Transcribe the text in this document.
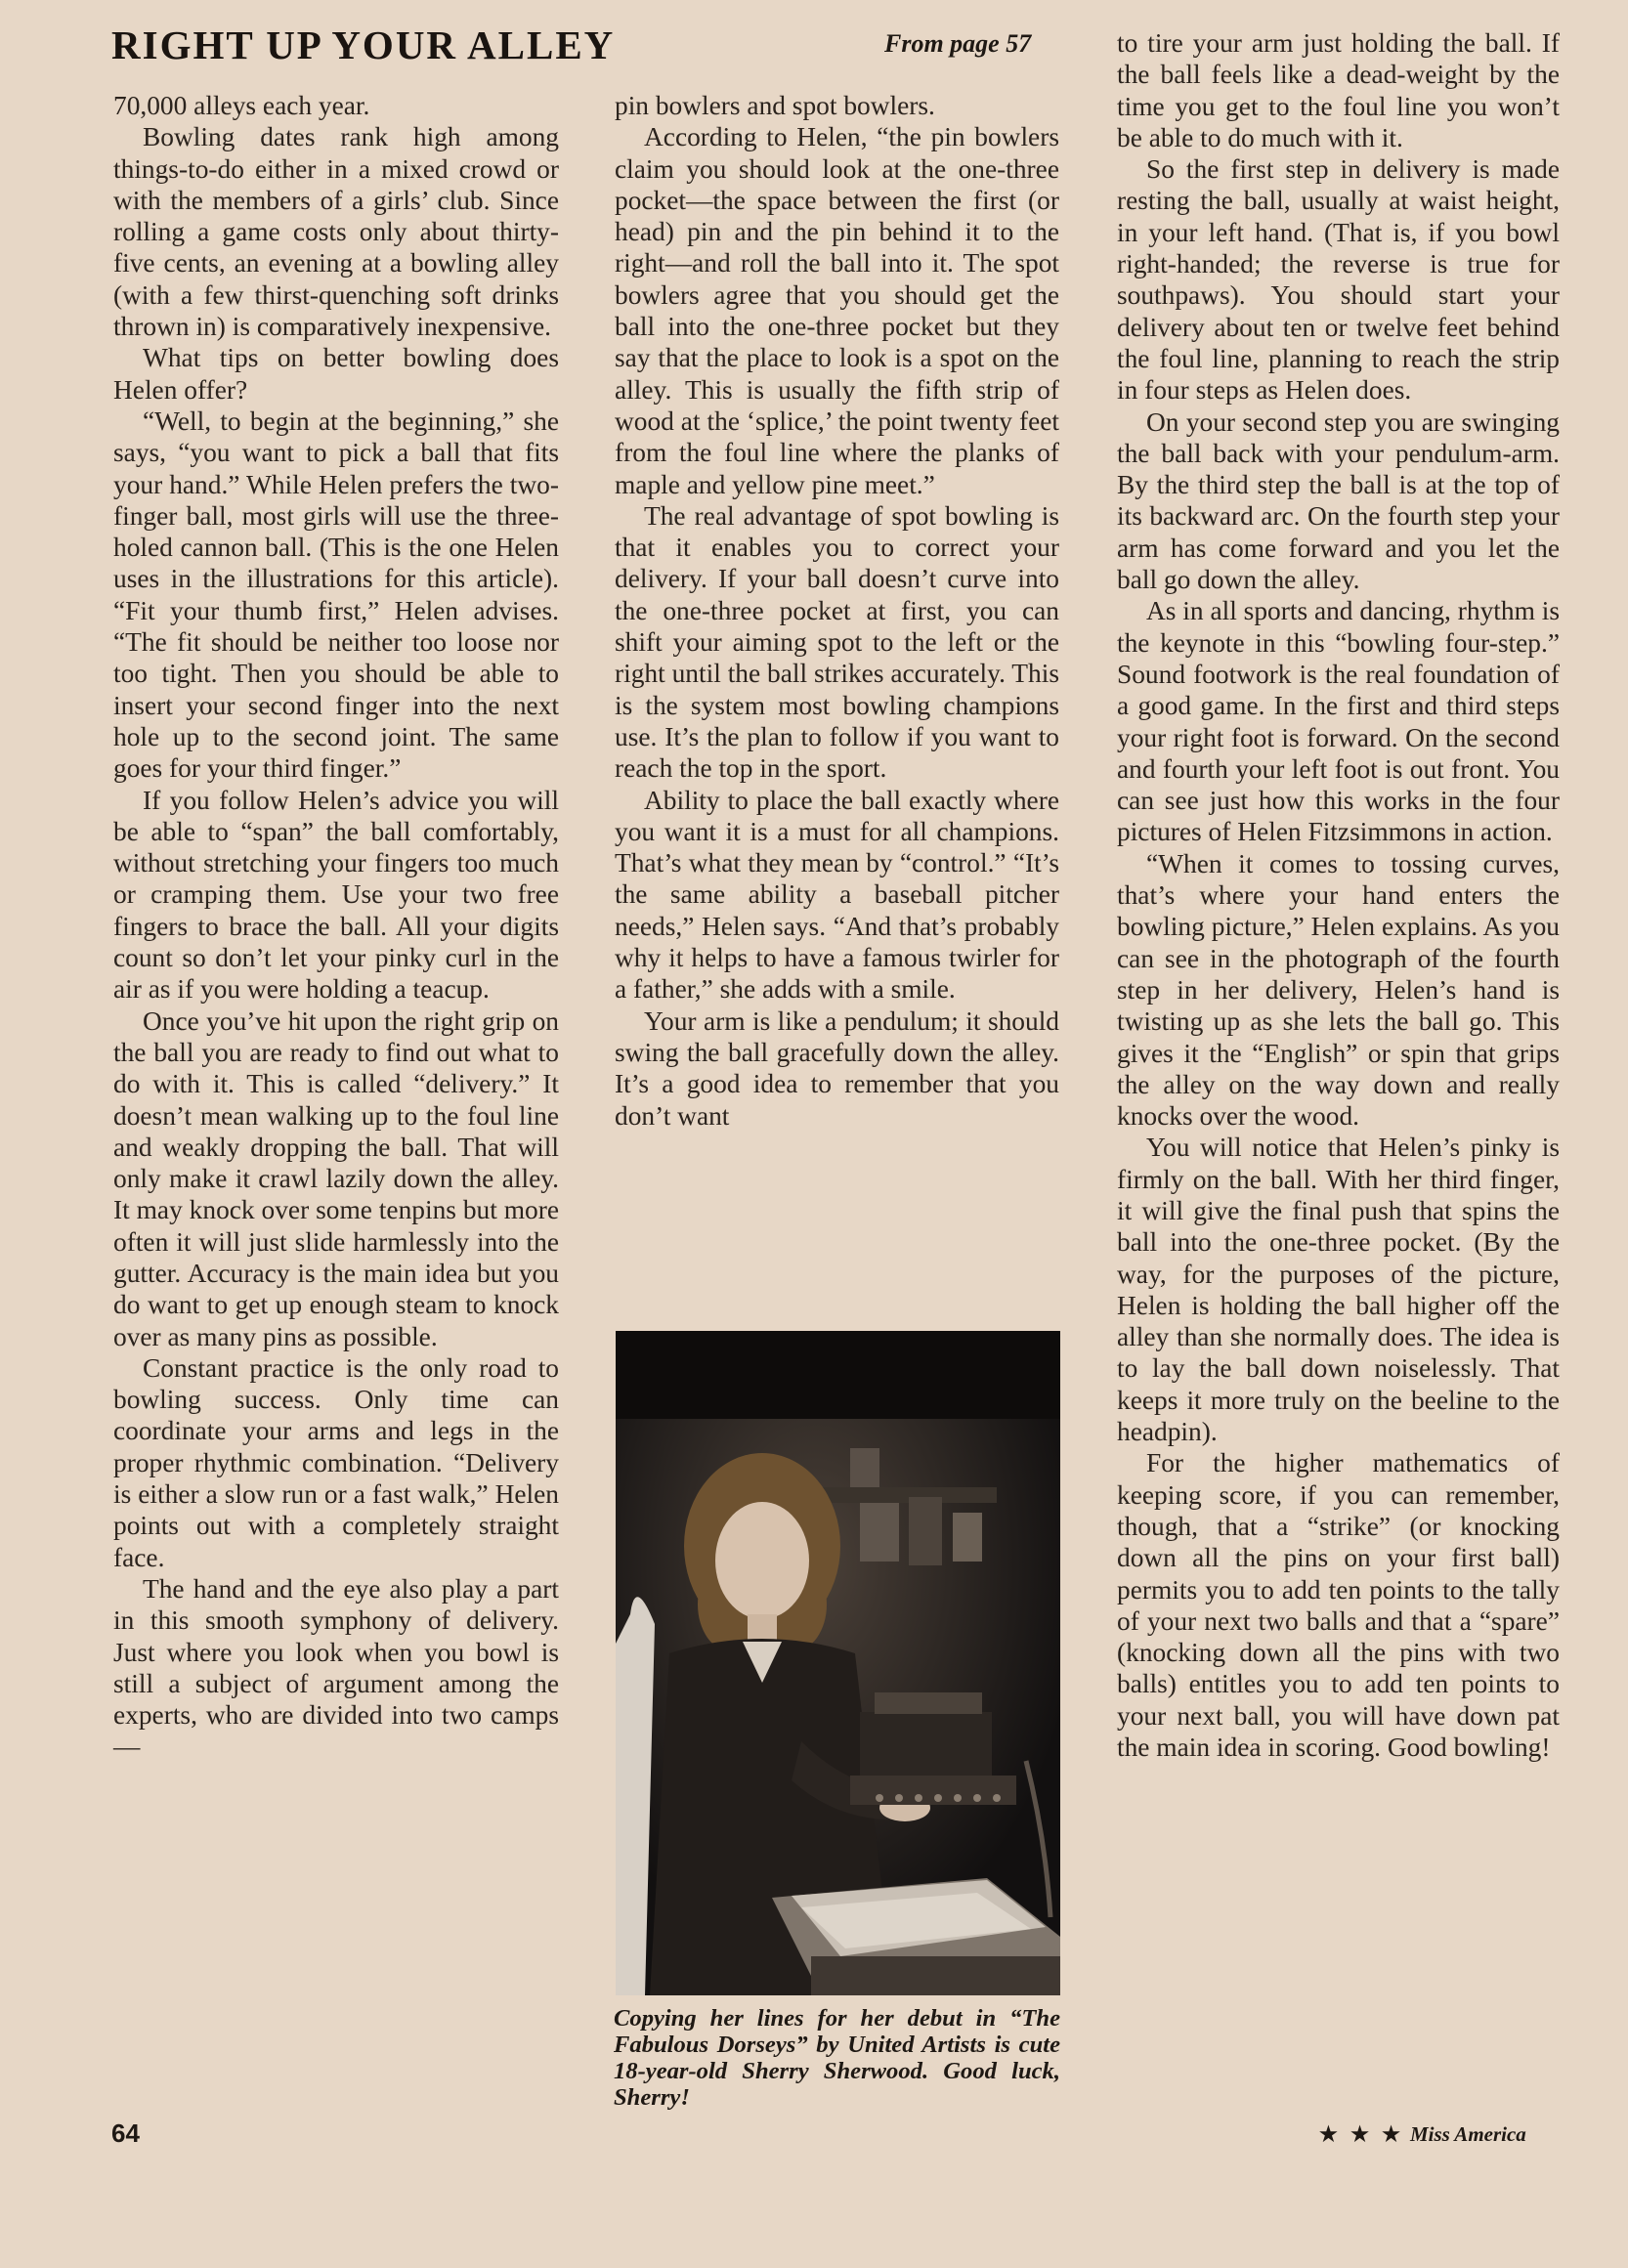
RIGHT UP YOUR ALLEY	From page 57

70,000 alleys each year.

Bowling dates rank high among things-to-do either in a mixed crowd or with the members of a girls’ club. Since rolling a game costs only about thirty-five cents, an evening at a bowling alley (with a few thirst-quenching soft drinks thrown in) is comparatively inexpensive.

What tips on better bowling does Helen offer?

“Well, to begin at the beginning,” she says, “you want to pick a ball that fits your hand.” While Helen prefers the two-finger ball, most girls will use the three-holed cannon ball. (This is the one Helen uses in the illustrations for this article). “Fit your thumb first,” Helen advises. “The fit should be neither too loose nor too tight. Then you should be able to insert your second finger into the next hole up to the second joint. The same goes for your third finger.”

If you follow Helen’s advice you will be able to “span” the ball comfortably, without stretching your fingers too much or cramping them. Use your two free fingers to brace the ball. All your digits count so don’t let your pinky curl in the air as if you were holding a teacup.

Once you’ve hit upon the right grip on the ball you are ready to find out what to do with it. This is called “delivery.” It doesn’t mean walking up to the foul line and weakly dropping the ball. That will only make it crawl lazily down the alley. It may knock over some tenpins but more often it will just slide harmlessly into the gutter. Accuracy is the main idea but you do want to get up enough steam to knock over as many pins as possible.

Constant practice is the only road to bowling success. Only time can coordinate your arms and legs in the proper rhythmic combination. “Delivery is either a slow run or a fast walk,” Helen points out with a completely straight face.

The hand and the eye also play a part in this smooth symphony of delivery. Just where you look when you bowl is still a subject of argument among the experts, who are divided into two camps—

pin bowlers and spot bowlers.

According to Helen, “the pin bowlers claim you should look at the one-three pocket—the space between the first (or head) pin and the pin behind it to the right—and roll the ball into it. The spot bowlers agree that you should get the ball into the one-three pocket but they say that the place to look is a spot on the alley. This is usually the fifth strip of wood at the ‘splice,’ the point twenty feet from the foul line where the planks of maple and yellow pine meet.”

The real advantage of spot bowling is that it enables you to correct your delivery. If your ball doesn’t curve into the one-three pocket at first, you can shift your aiming spot to the left or the right until the ball strikes accurately. This is the system most bowling champions use. It’s the plan to follow if you want to reach the top in the sport.

Ability to place the ball exactly where you want it is a must for all champions. That’s what they mean by “control.” “It’s the same ability a baseball pitcher needs,” Helen says. “And that’s probably why it helps to have a famous twirler for a father,” she adds with a smile.

Your arm is like a pendulum; it should swing the ball gracefully down the alley. It’s a good idea to remember that you don’t want

to tire your arm just holding the ball. If the ball feels like a dead-weight by the time you get to the foul line you won’t be able to do much with it.

So the first step in delivery is made resting the ball, usually at waist height, in your left hand. (That is, if you bowl right-handed; the reverse is true for southpaws). You should start your delivery about ten or twelve feet behind the foul line, planning to reach the strip in four steps as Helen does.

On your second step you are swinging the ball back with your pendulum-arm. By the third step the ball is at the top of its backward arc. On the fourth step your arm has come forward and you let the ball go down the alley.

As in all sports and dancing, rhythm is the keynote in this “bowling four-step.” Sound footwork is the real foundation of a good game. In the first and third steps your right foot is forward. On the second and fourth your left foot is out front. You can see just how this works in the four pictures of Helen Fitzsimmons in action.

“When it comes to tossing curves, that’s where your hand enters the bowling picture,” Helen explains. As you can see in the photograph of the fourth step in her delivery, Helen’s hand is twisting up as she lets the ball go. This gives it the “English” or spin that grips the alley on the way down and really knocks over the wood.

You will notice that Helen’s pinky is firmly on the ball. With her third finger, it will give the final push that spins the ball into the one-three pocket. (By the way, for the purposes of the picture, Helen is holding the ball higher off the alley than she normally does. The idea is to lay the ball down noiselessly. That keeps it more truly on the beeline to the headpin).

For the higher mathematics of keeping score, if you can remember, though, that a “strike” (or knocking down all the pins on your first ball) permits you to add ten points to the tally of your next two balls and that a “spare” (knocking down all the pins with two balls) entitles you to add ten points to your next ball, you will have down pat the main idea in scoring. Good bowling!

Copying her lines for her debut in “The Fabulous Dorseys” by United Artists is cute 18-year-old Sherry Sherwood. Good luck, Sherry!
64	★ ★ ★ Miss America
